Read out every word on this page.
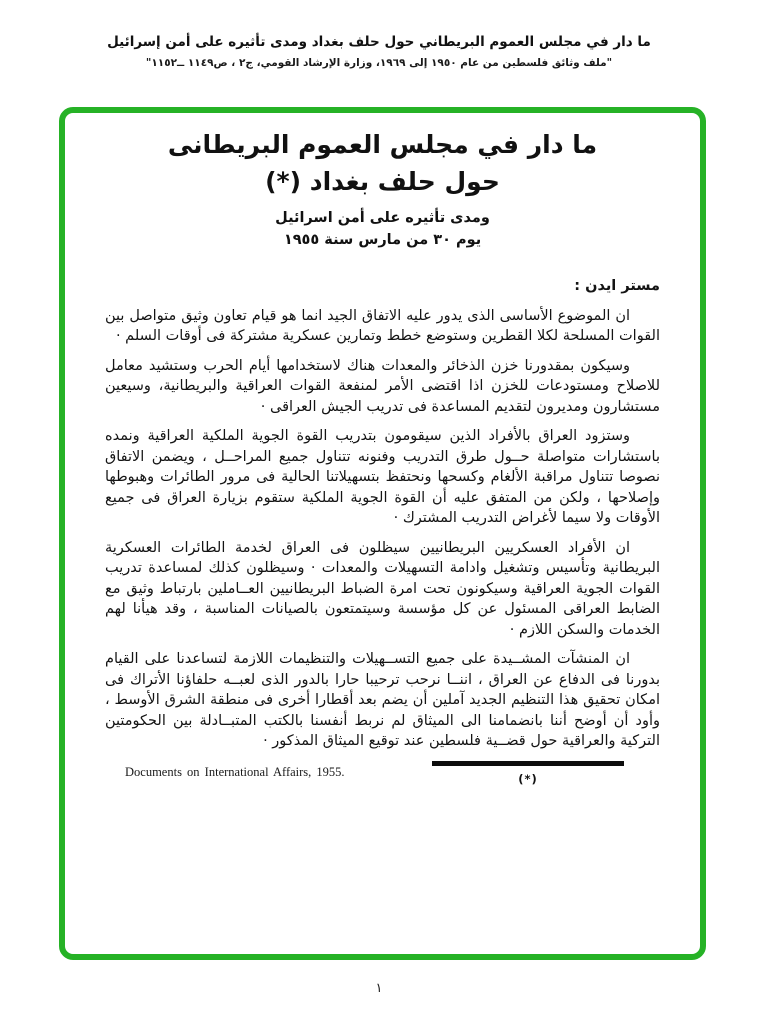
ما دار في مجلس العموم البريطاني حول حلف بغداد ومدى تأثيره على أمن إسرائيل
"ملف وثائق فلسطين من عام ١٩٥٠ إلى ١٩٦٩، وزارة الإرشاد القومي، ج٢ ، ص١١٤٩ ــ١١٥٢"
ما دار في مجلس العموم البريطانى
حول حلف بغداد (*)
ومدى تأثيره على أمن اسرائيل
يوم ٣٠ من مارس سنة ١٩٥٥

مستر ايدن :

ان الموضوع الأساسى الذى يدور عليه الاتفاق الجيد انما هو قيام تعاون وثيق متواصل بين القوات المسلحة لكلا القطرين وستوضع خطط وتمارين عسكرية مشتركة فى أوقات السلم ·

وسيكون بمقدورنا خزن الذخائر والمعدات هناك لاستخدامها أيام الحرب وستشيد معامل للاصلاح ومستودعات للخزن اذا اقتضى الأمر لمنفعة القوات العراقية والبريطانية، وسيعين مستشارون ومديرون لتقديم المساعدة فى تدريب الجيش العراقى ·

وستزود العراق بالأفراد الذين سيقومون بتدريب القوة الجوية الملكية العراقية ونمده باستشارات متواصلة حــول طرق التدريب وفنونه تتناول جميع المراحــل ، ويضمن الاتفاق نصوصا تتناول مراقبة الألغام وكسحها ونحتفظ بتسهيلاتنا الحالية فى مرور الطائرات وهبوطها وإصلاحها ، ولكن من المتفق عليه أن القوة الجوية الملكية ستقوم بزيارة العراق فى جميع الأوقات ولا سيما لأغراض التدريب المشترك ·

ان الأفراد العسكريين البريطانيين سيظلون فى العراق لخدمة الطائرات العسكرية البريطانية وتأسيس وتشغيل وادامة التسهيلات والمعدات · وسيظلون كذلك لمساعدة تدريب القوات الجوية العراقية وسيكونون تحت امرة الضباط البريطانيين العــاملين بارتباط وثيق مع الضابط العراقى المسئول عن كل مؤسسة وسيتمتعون بالصيانات المناسبة ، وقد هيأنا لهم الخدمات والسكن اللازم ·

ان المنشآت المشــيدة على جميع التســهيلات والتنظيمات اللازمة لتساعدنا على القيام بدورنا فى الدفاع عن العراق ، اننــا نرحب ترحيبا حارا بالدور الذى لعبــه حلفاؤنا الأتراك فى امكان تحقيق هذا التنظيم الجديد آملين أن يضم بعد أقطارا أخرى فى منطقة الشرق الأوسط ، وأود أن أوضح أننا بانضمامنا الى الميثاق لم نربط أنفسنا بالكتب المتبــادلة بين الحكومتين التركية والعراقية حول قضــية فلسطين عند توقيع الميثاق المذكور ·

Documents on International Affairs, 1955.	(*)
١
